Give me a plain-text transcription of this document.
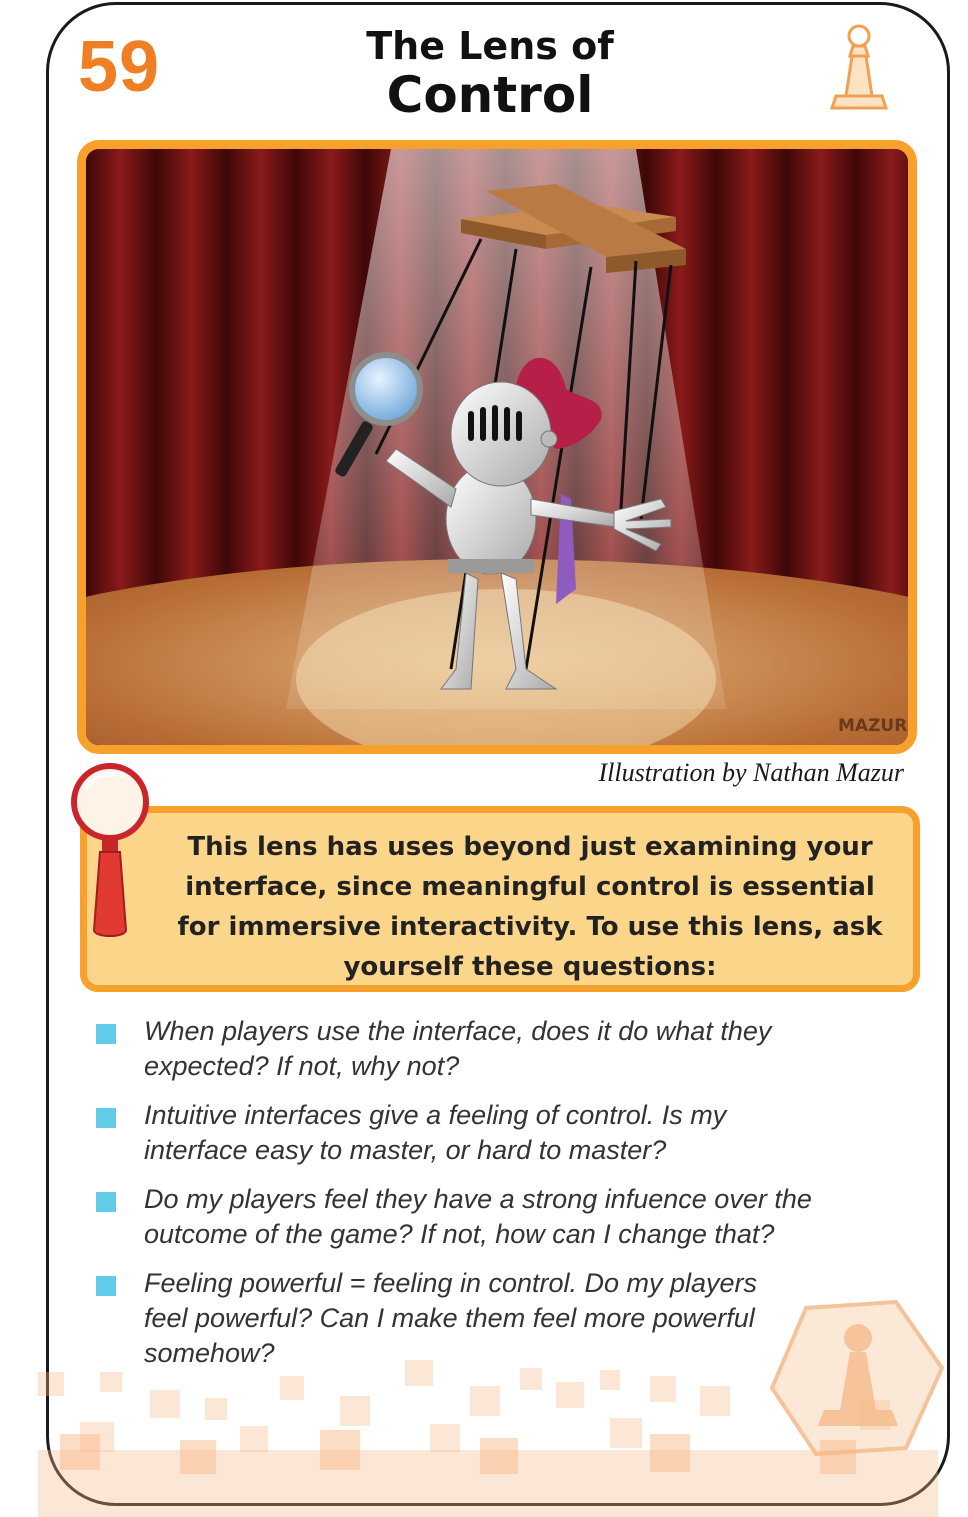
59	The Lens of
Control
MAZUR
Illustration by Nathan Mazur
This lens has uses beyond just examining your interface, since meaningful control is essential for immersive interactivity. To use this lens, ask yourself these questions:
When players use the interface, does it do what they expected? If not, why not?
Intuitive interfaces give a feeling of control. Is my interface easy to master, or hard to master?
Do my players feel they have a strong infuence over the outcome of the game? If not, how can I change that?
Feeling powerful = feeling in control. Do my players feel powerful? Can I make them feel more powerful somehow?
